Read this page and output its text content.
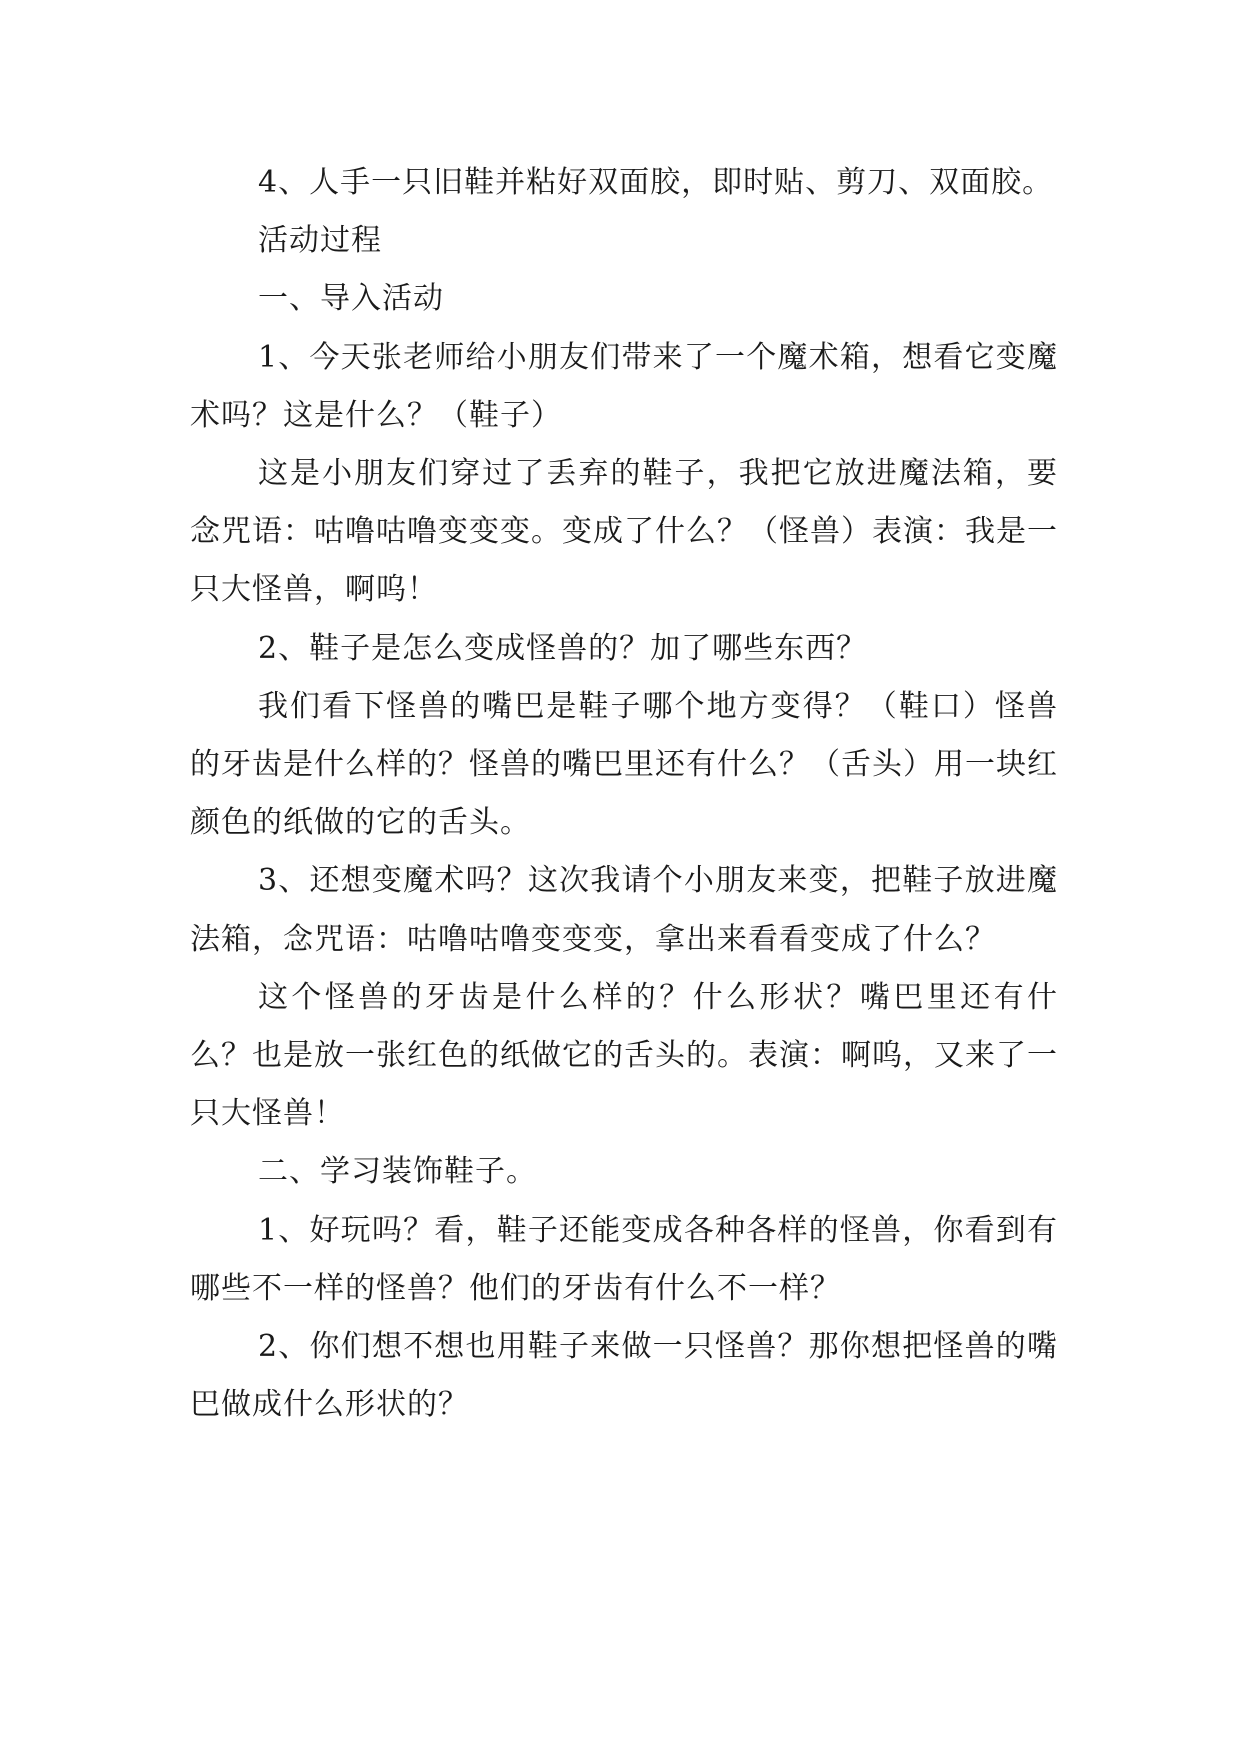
4、人手一只旧鞋并粘好双面胶，即时贴、剪刀、双面胶。

活动过程

一、导入活动

1、今天张老师给小朋友们带来了一个魔术箱，想看它变魔术吗？这是什么？（鞋子）

这是小朋友们穿过了丢弃的鞋子，我把它放进魔法箱，要念咒语：咕噜咕噜变变变。变成了什么？（怪兽）表演：我是一只大怪兽，啊呜！

2、鞋子是怎么变成怪兽的？加了哪些东西？

我们看下怪兽的嘴巴是鞋子哪个地方变得？（鞋口）怪兽的牙齿是什么样的？怪兽的嘴巴里还有什么？（舌头）用一块红颜色的纸做的它的舌头。

3、还想变魔术吗？这次我请个小朋友来变，把鞋子放进魔法箱，念咒语：咕噜咕噜变变变，拿出来看看变成了什么？

这个怪兽的牙齿是什么样的？什么形状？嘴巴里还有什么？也是放一张红色的纸做它的舌头的。表演：啊呜，又来了一只大怪兽！

二、学习装饰鞋子。

1、好玩吗？看，鞋子还能变成各种各样的怪兽，你看到有哪些不一样的怪兽？他们的牙齿有什么不一样？

2、你们想不想也用鞋子来做一只怪兽？那你想把怪兽的嘴巴做成什么形状的？
